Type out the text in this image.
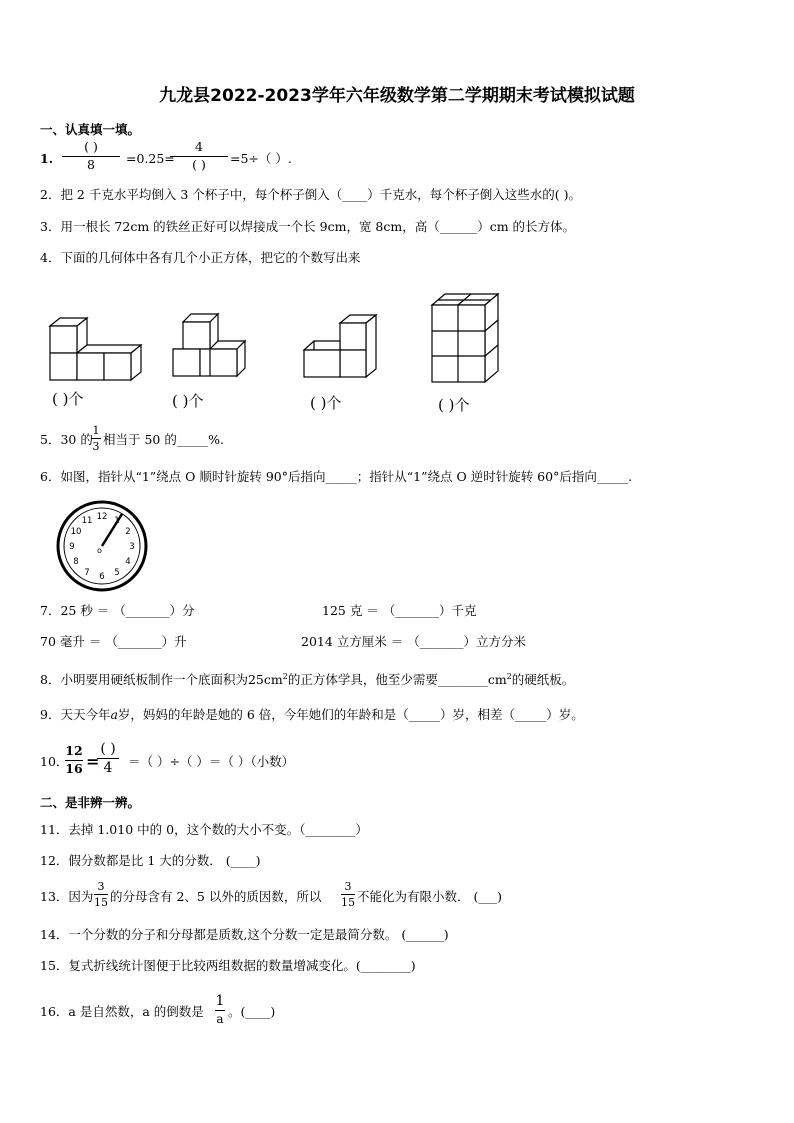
九龙县2022-2023学年六年级数学第二学期期末考试模拟试题
一、认真填一填。
1.
( )
8	=0.25=
4
( )	=5÷（ ）.
2．把 2 千克水平均倒入 3 个杯子中，每个杯子倒入（____）千克水，每个杯子倒入这些水的( )。
3．用一根长 72cm 的铁丝正好可以焊接成一个长 9cm，宽 8cm，高（______）cm 的长方体。
4．下面的几何体中各有几个小正方体，把它的个数写出来
( )个	( )个	( )个	( )个
5．30 的
$\frac{1}{3}$ 相当于 50 的_____%.
6．如图，指针从“1”绕点 O 顺时针旋转 90°后指向_____；指针从“1”绕点 O 逆时针旋转 60°后指向_____.
12 1
2
3
4
5
6
7
8
9
10
11
o
7．25 秒 ＝ （_______）分	125 克 ＝ （_______）千克
70 毫升 ＝ （_______）升	2014 立方厘米 ＝ （_______）立方分米
8．小明要用硬纸板制作一个底面积为$25cm^2$的正方体学具，他至少需要$\_\_\_\_\_\_\_\_cm^2$的硬纸板。
9．天天今年a岁，妈妈的年龄是她的 6 倍，今年她们的年龄和是（_____）岁，相差（_____）岁。
10．
$\frac{12}{16}$ =
( )
4	＝（ ）÷（ ）＝（ ）（小数）
二、是非辨一辨。
11．去掉 1.010 中的 0，这个数的大小不变。（________）
12．假分数都是比 1 大的分数． (____)
13．因为 $\frac{3}{15}$ 的分母含有 2、5 以外的质因数，所以 $\frac{3}{15}$ 不能化为有限小数． (___)
14．一个分数的分子和分母都是质数,这个分数一定是最简分数。 (______)
15．复式折线统计图便于比较两组数据的数量增减变化。(________)
16．a 是自然数，a 的倒数是 $\frac{1}{a}$ 。(____)
